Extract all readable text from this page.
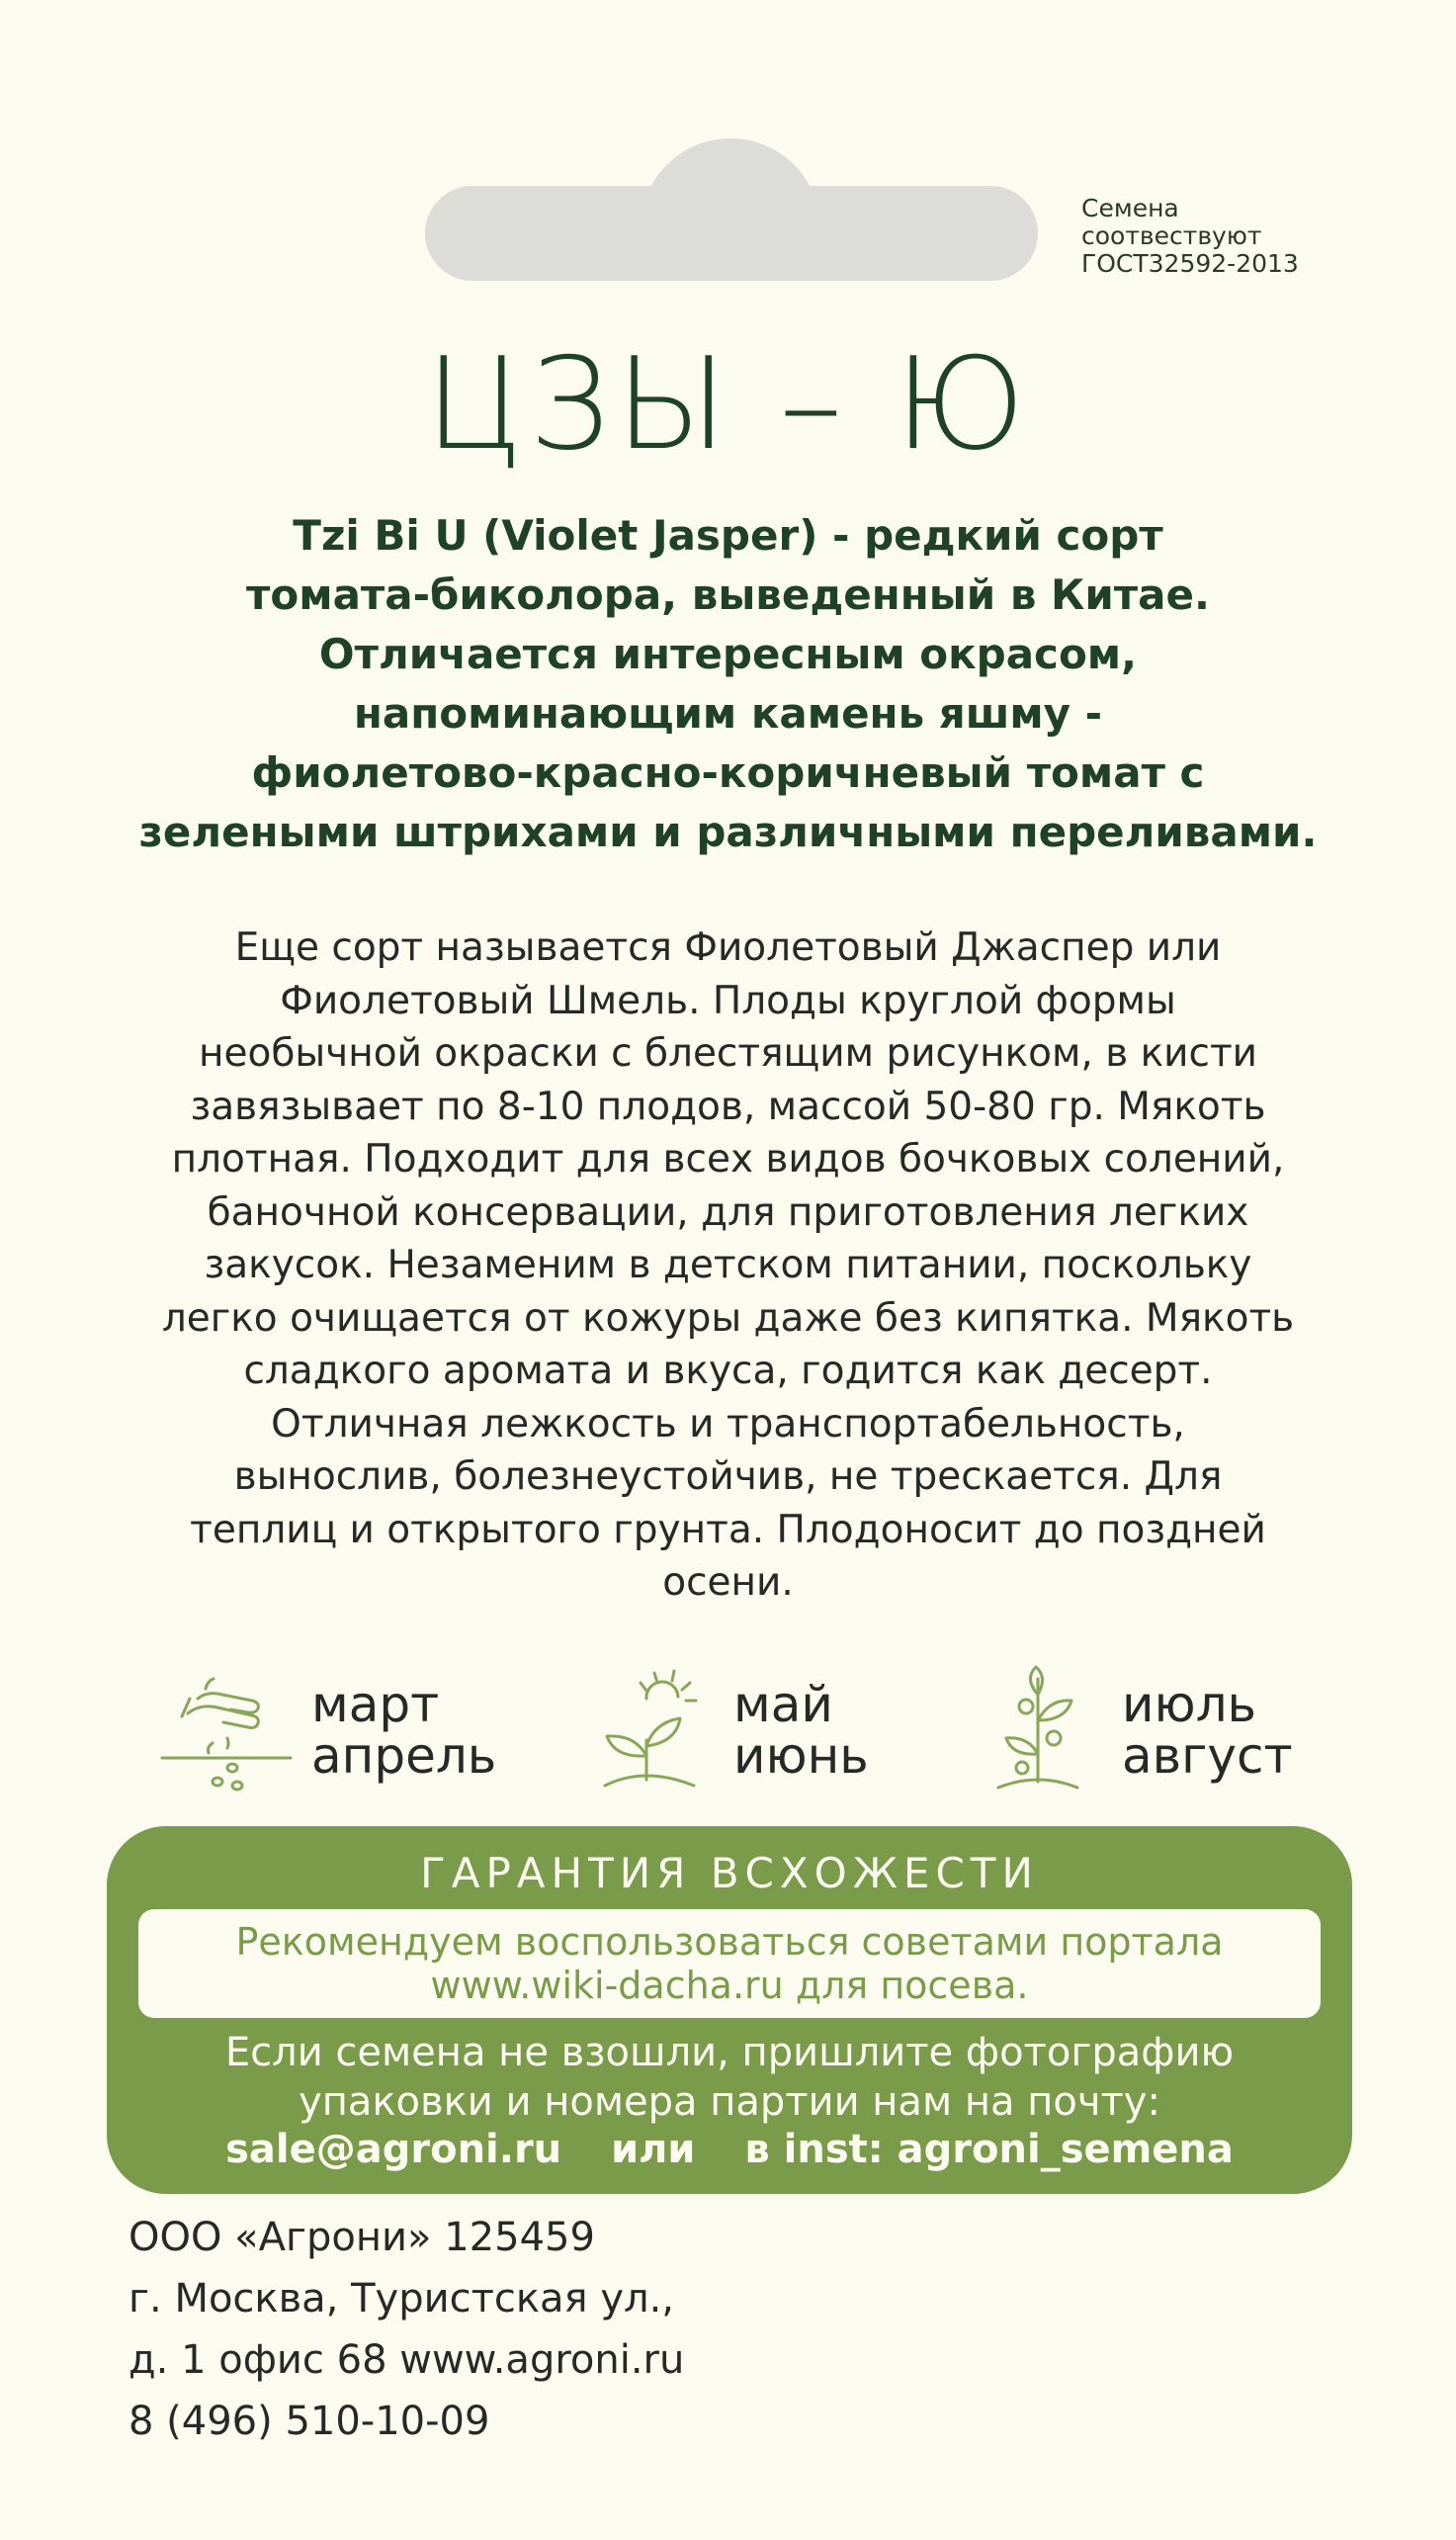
Семена
соотвествуют
ГОСТ32592-2013
ЦЗЫ – Ю
Tzi Bi U (Violet Jasper) - редкий сорт
томата-биколора, выведенный в Китае.
Отличается интересным окрасом,
напоминающим камень яшму -
фиолетово-красно-коричневый томат с
зелеными штрихами и различными переливами.
Еще сорт называется Фиолетовый Джаспер или
Фиолетовый Шмель. Плоды круглой формы
необычной окраски с блестящим рисунком, в кисти
завязывает по 8-10 плодов, массой 50-80 гр. Мякоть
плотная. Подходит для всех видов бочковых солений,
баночной консервации, для приготовления легких
закусок. Незаменим в детском питании, поскольку
легко очищается от кожуры даже без кипятка. Мякоть
сладкого аромата и вкуса, годится как десерт.
Отличная лежкость и транспортабельность,
вынослив, болезнеустойчив, не трескается. Для
теплиц и открытого грунта. Плодоносит до поздней
осени.
март
апрель
май
июнь
июль
август
ГАРАНТИЯ ВСХОЖЕСТИ
Рекомендуем воспользоваться советами портала
www.wiki-dacha.ru для посева.
Если семена не взошли, пришлите фотографию
упаковки и номера партии нам на почту:
sale@agroni.ru или в inst: agroni_semena
ООО «Агрони» 125459
г. Москва, Туристская ул.,
д. 1 офис 68 www.agroni.ru
8 (496) 510-10-09
